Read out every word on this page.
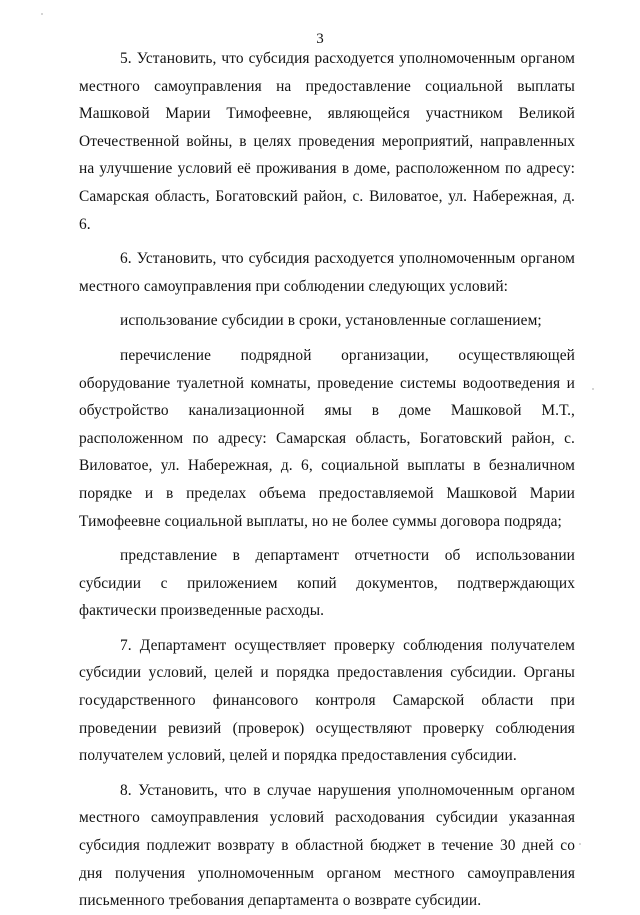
3

5. Установить, что субсидия расходуется уполномоченным органом местного самоуправления на предоставление социальной выплаты Машковой Марии Тимофеевне, являющейся участником Великой Отечественной войны, в целях проведения мероприятий, направленных на улучшение условий её проживания в доме, расположенном по адресу: Самарская область, Богатовский район, с. Виловатое, ул. Набережная, д. 6.

6. Установить, что субсидия расходуется уполномоченным органом местного самоуправления при соблюдении следующих условий:

использование субсидии в сроки, установленные соглашением;

перечисление подрядной организации, осуществляющей оборудование туалетной комнаты, проведение системы водоотведения и обустройство канализационной ямы в доме Машковой М.Т., расположенном по адресу: Самарская область, Богатовский район, с. Виловатое, ул. Набережная, д. 6, социальной выплаты в безналичном порядке и в пределах объема предоставляемой Машковой Марии Тимофеевне социальной выплаты, но не более суммы договора подряда;

представление в департамент отчетности об использовании субсидии с приложением копий документов, подтверждающих фактически произведенные расходы.

7. Департамент осуществляет проверку соблюдения получателем субсидии условий, целей и порядка предоставления субсидии. Органы государственного финансового контроля Самарской области при проведении ревизий (проверок) осуществляют проверку соблюдения получателем условий, целей и порядка предоставления субсидии.

8. Установить, что в случае нарушения уполномоченным органом местного самоуправления условий расходования субсидии указанная субсидия подлежит возврату в областной бюджет в течение 30 дней со дня получения уполномоченным органом местного самоуправления письменного требования департамента о возврате субсидии.
